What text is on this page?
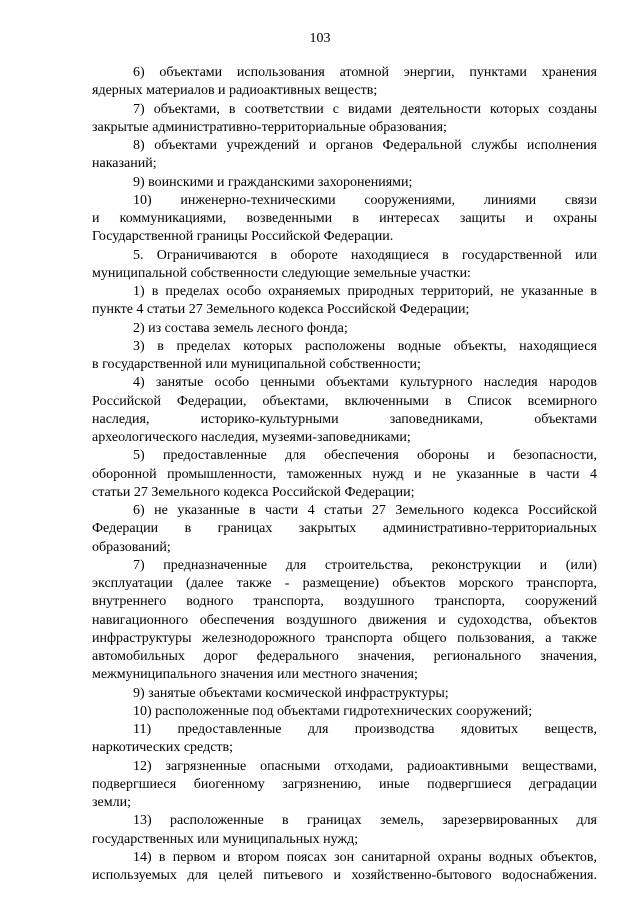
103
6) объектами использования атомной энергии, пунктами хранения
ядерных материалов и радиоактивных веществ;
7) объектами, в соответствии с видами деятельности которых созданы
закрытые административно-территориальные образования;
8) объектами учреждений и органов Федеральной службы исполнения
наказаний;
9) воинскими и гражданскими захоронениями;
10) инженерно-техническими сооружениями, линиями связи
и коммуникациями, возведенными в интересах защиты и охраны
Государственной границы Российской Федерации.
5. Ограничиваются в обороте находящиеся в государственной или
муниципальной собственности следующие земельные участки:
1) в пределах особо охраняемых природных территорий, не указанные в
пункте 4 статьи 27 Земельного кодекса Российской Федерации;
2) из состава земель лесного фонда;
3) в пределах которых расположены водные объекты, находящиеся
в государственной или муниципальной собственности;
4) занятые особо ценными объектами культурного наследия народов
Российской Федерации, объектами, включенными в Список всемирного
наследия, историко-культурными заповедниками, объектами
археологического наследия, музеями-заповедниками;
5) предоставленные для обеспечения обороны и безопасности,
оборонной промышленности, таможенных нужд и не указанные в части 4
статьи 27 Земельного кодекса Российской Федерации;
6) не указанные в части 4 статьи 27 Земельного кодекса Российской
Федерации в границах закрытых административно-территориальных
образований;
7) предназначенные для строительства, реконструкции и (или)
эксплуатации (далее также - размещение) объектов морского транспорта,
внутреннего водного транспорта, воздушного транспорта, сооружений
навигационного обеспечения воздушного движения и судоходства, объектов
инфраструктуры железнодорожного транспорта общего пользования, а также
автомобильных дорог федерального значения, регионального значения,
межмуниципального значения или местного значения;
9) занятые объектами космической инфраструктуры;
10) расположенные под объектами гидротехнических сооружений;
11) предоставленные для производства ядовитых веществ,
наркотических средств;
12) загрязненные опасными отходами, радиоактивными веществами,
подвергшиеся биогенному загрязнению, иные подвергшиеся деградации
земли;
13) расположенные в границах земель, зарезервированных для
государственных или муниципальных нужд;
14) в первом и втором поясах зон санитарной охраны водных объектов,
используемых для целей питьевого и хозяйственно-бытового водоснабжения.
